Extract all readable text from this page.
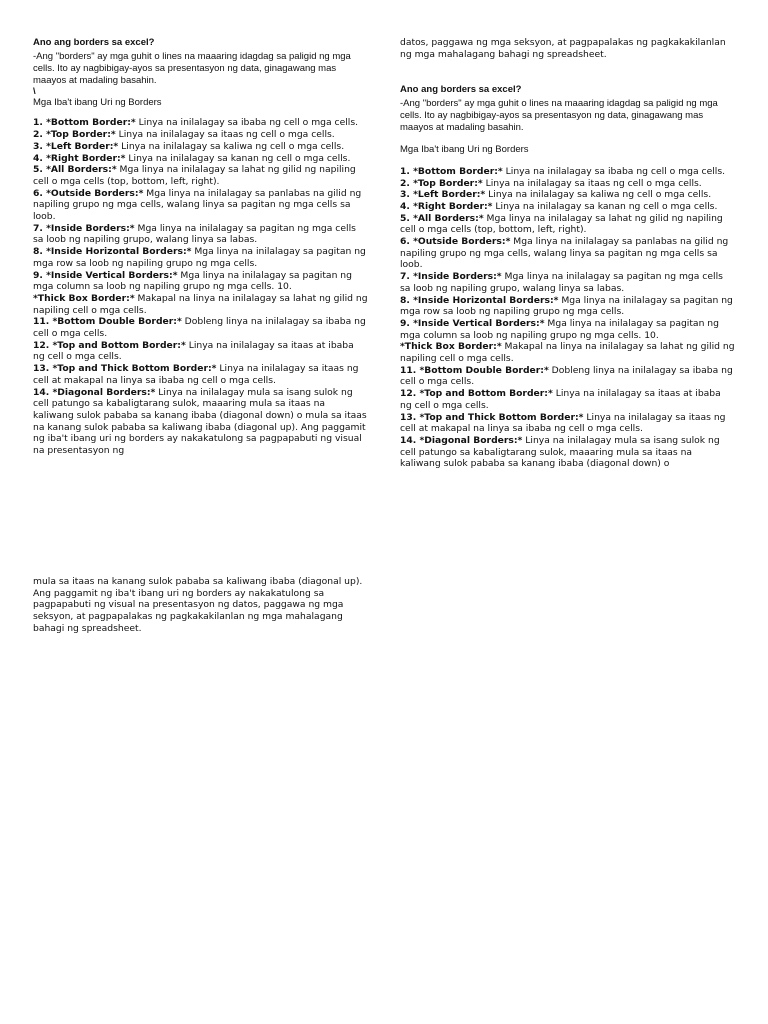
Ano ang borders sa excel?

-Ang "borders" ay mga guhit o lines na maaaring idagdag sa paligid ng mga cells. Ito ay nagbibigay-ayos sa presentasyon ng data, ginagawang mas maayos at madaling basahin.

\

Mga Iba't ibang Uri ng Borders

1. *Bottom Border:* Linya na inilalagay sa ibaba ng cell o mga cells.

2. *Top Border:* Linya na inilalagay sa itaas ng cell o mga cells.

3. *Left Border:* Linya na inilalagay sa kaliwa ng cell o mga cells.

4. *Right Border:* Linya na inilalagay sa kanan ng cell o mga cells.

5. *All Borders:* Mga linya na inilalagay sa lahat ng gilid ng napiling cell o mga cells (top, bottom, left, right).

6. *Outside Borders:* Mga linya na inilalagay sa panlabas na gilid ng napiling grupo ng mga cells, walang linya sa pagitan ng mga cells sa loob.

7. *Inside Borders:* Mga linya na inilalagay sa pagitan ng mga cells sa loob ng napiling grupo, walang linya sa labas.

8. *Inside Horizontal Borders:* Mga linya na inilalagay sa pagitan ng mga row sa loob ng napiling grupo ng mga cells.

9. *Inside Vertical Borders:* Mga linya na inilalagay sa pagitan ng mga column sa loob ng napiling grupo ng mga cells. 10.

*Thick Box Border:* Makapal na linya na inilalagay sa lahat ng gilid ng napiling cell o mga cells.

11. *Bottom Double Border:* Dobleng linya na inilalagay sa ibaba ng cell o mga cells.

12. *Top and Bottom Border:* Linya na inilalagay sa itaas at ibaba ng cell o mga cells.

13. *Top and Thick Bottom Border:* Linya na inilalagay sa itaas ng cell at makapal na linya sa ibaba ng cell o mga cells.

14. *Diagonal Borders:* Linya na inilalagay mula sa isang sulok ng cell patungo sa kabaligtarang sulok, maaaring mula sa itaas na kaliwang sulok pababa sa kanang ibaba (diagonal down) o mula sa itaas na kanang sulok pababa sa kaliwang ibaba (diagonal up). Ang paggamit ng iba't ibang uri ng borders ay nakakatulong sa pagpapabuti ng visual na presentasyon ng

mula sa itaas na kanang sulok pababa sa kaliwang ibaba (diagonal up). Ang paggamit ng iba't ibang uri ng borders ay nakakatulong sa pagpapabuti ng visual na presentasyon ng datos, paggawa ng mga seksyon, at pagpapalakas ng pagkakakilanlan ng mga mahalagang bahagi ng spreadsheet.

datos, paggawa ng mga seksyon, at pagpapalakas ng pagkakakilanlan ng mga mahalagang bahagi ng spreadsheet.

Ano ang borders sa excel?

-Ang "borders" ay mga guhit o lines na maaaring idagdag sa paligid ng mga cells. Ito ay nagbibigay-ayos sa presentasyon ng data, ginagawang mas maayos at madaling basahin.

Mga Iba't ibang Uri ng Borders

1. *Bottom Border:* Linya na inilalagay sa ibaba ng cell o mga cells.

2. *Top Border:* Linya na inilalagay sa itaas ng cell o mga cells.

3. *Left Border:* Linya na inilalagay sa kaliwa ng cell o mga cells.

4. *Right Border:* Linya na inilalagay sa kanan ng cell o mga cells.

5. *All Borders:* Mga linya na inilalagay sa lahat ng gilid ng napiling cell o mga cells (top, bottom, left, right).

6. *Outside Borders:* Mga linya na inilalagay sa panlabas na gilid ng napiling grupo ng mga cells, walang linya sa pagitan ng mga cells sa loob.

7. *Inside Borders:* Mga linya na inilalagay sa pagitan ng mga cells sa loob ng napiling grupo, walang linya sa labas.

8. *Inside Horizontal Borders:* Mga linya na inilalagay sa pagitan ng mga row sa loob ng napiling grupo ng mga cells.

9. *Inside Vertical Borders:* Mga linya na inilalagay sa pagitan ng mga column sa loob ng napiling grupo ng mga cells. 10.

*Thick Box Border:* Makapal na linya na inilalagay sa lahat ng gilid ng napiling cell o mga cells.

11. *Bottom Double Border:* Dobleng linya na inilalagay sa ibaba ng cell o mga cells.

12. *Top and Bottom Border:* Linya na inilalagay sa itaas at ibaba ng cell o mga cells.

13. *Top and Thick Bottom Border:* Linya na inilalagay sa itaas ng cell at makapal na linya sa ibaba ng cell o mga cells.

14. *Diagonal Borders:* Linya na inilalagay mula sa isang sulok ng cell patungo sa kabaligtarang sulok, maaaring mula sa itaas na kaliwang sulok pababa sa kanang ibaba (diagonal down) o
